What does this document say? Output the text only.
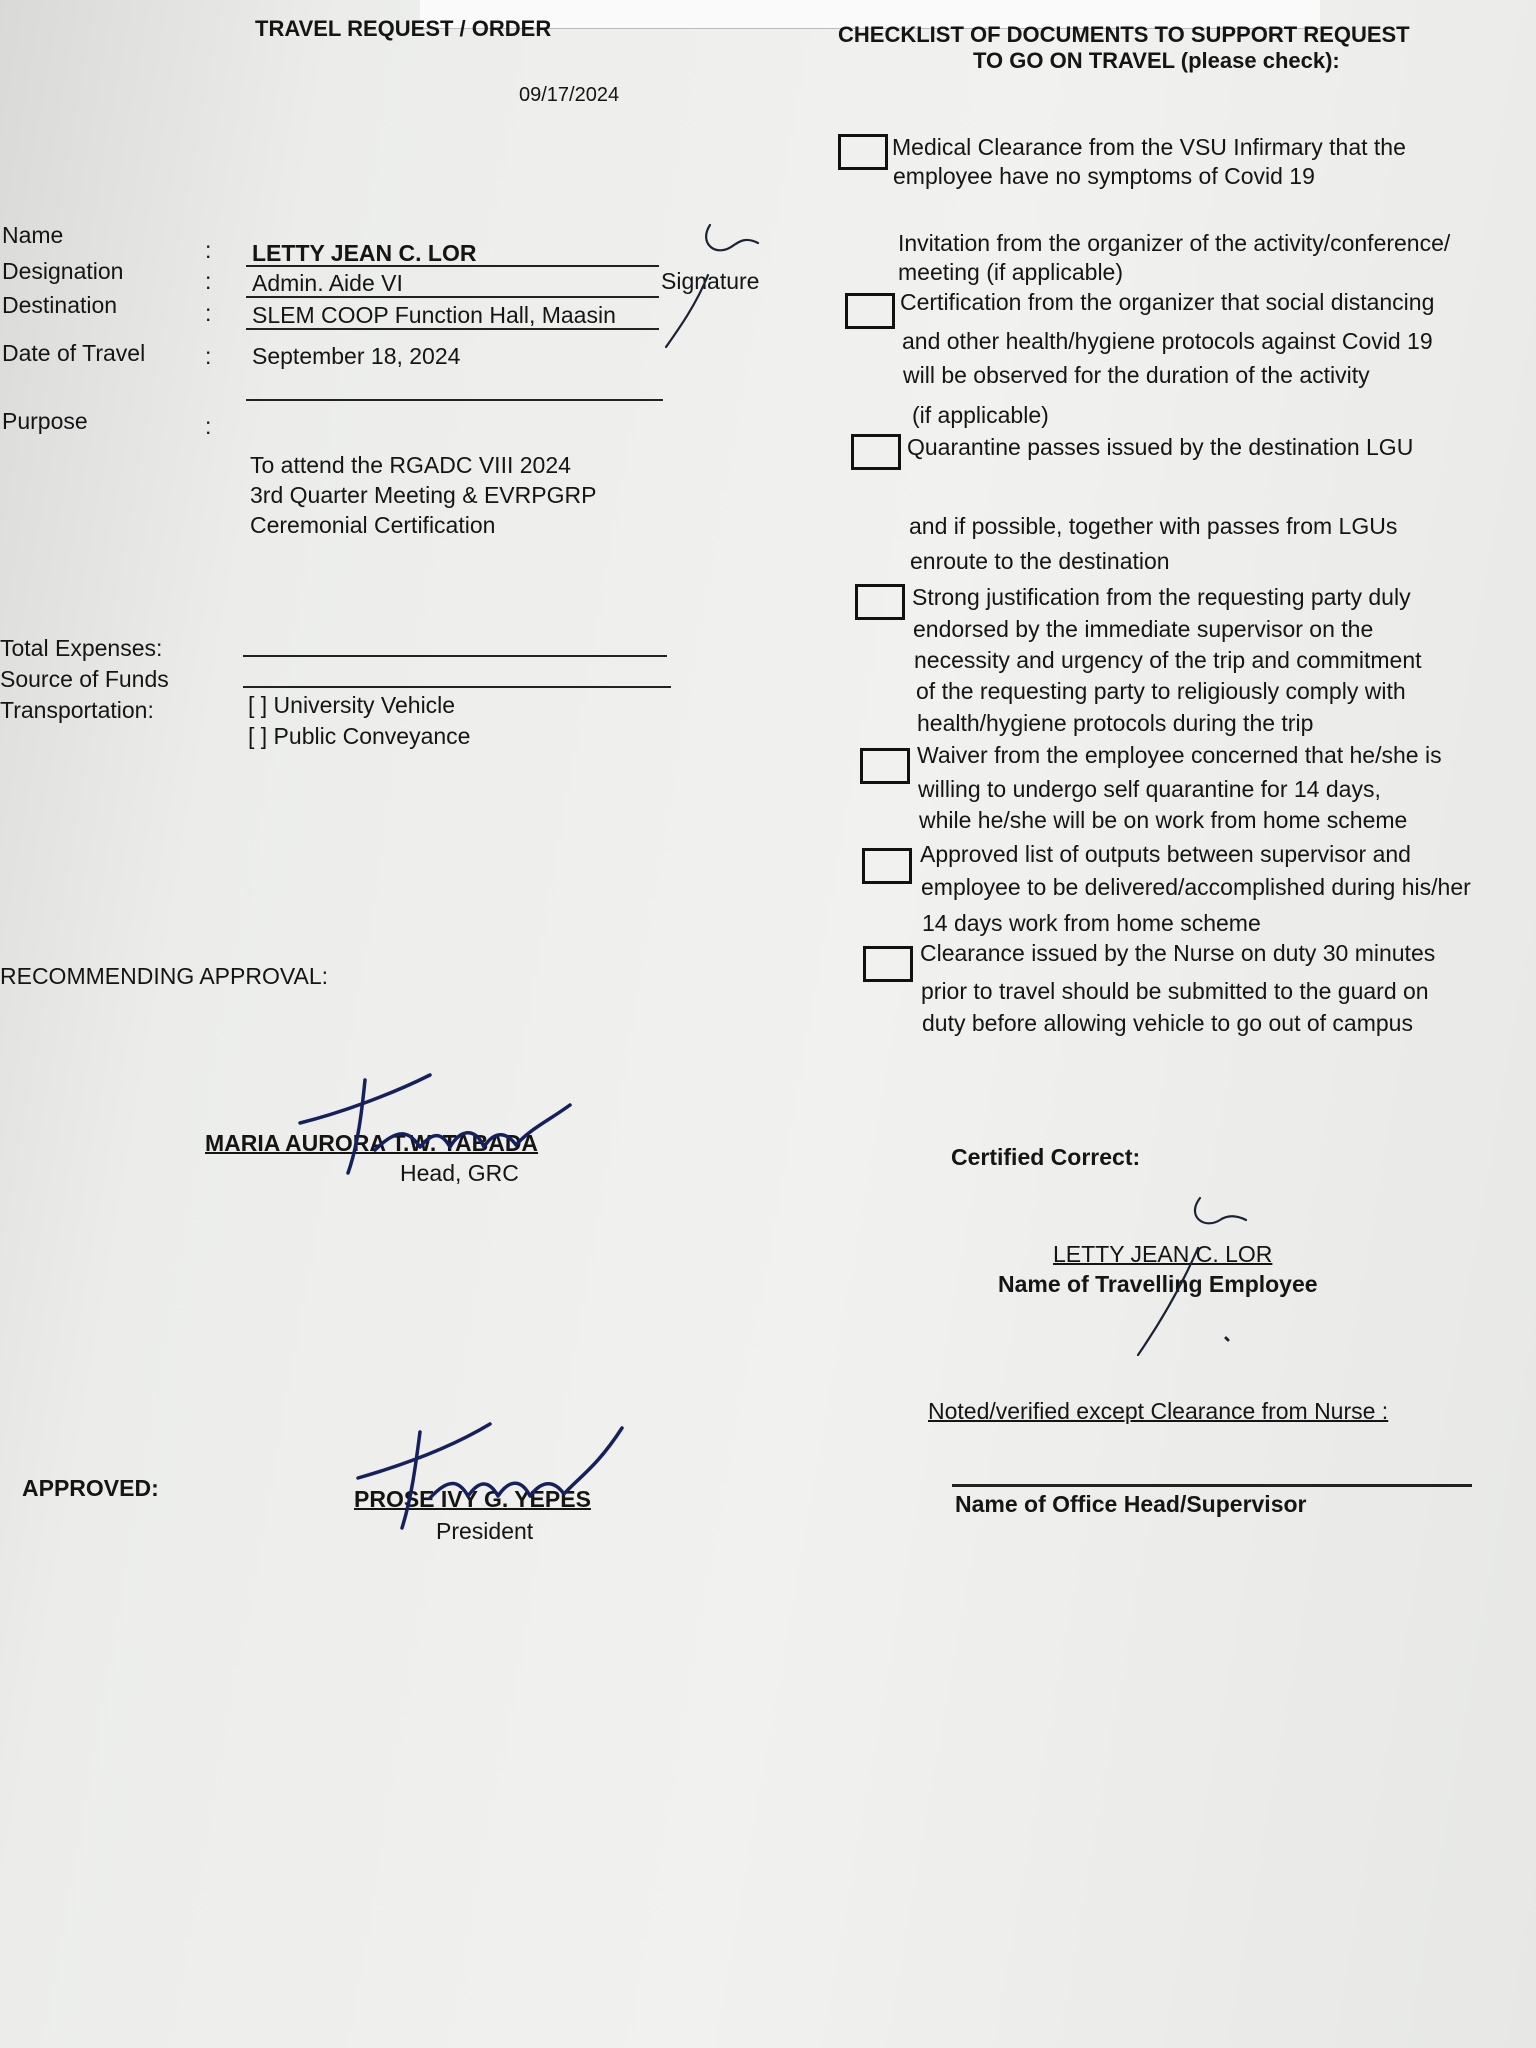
TRAVEL REQUEST / ORDER
09/17/2024
CHECKLIST OF DOCUMENTS TO SUPPORT REQUEST
TO GO ON TRAVEL (please check):
Name
: LETTY JEAN C. LOR
Designation	: Admin. Aide VI
Destination	: SLEM COOP Function Hall, Maasin
Date of Travel	: September 18, 2024
Purpose	:
To attend the RGADC VIII 2024
3rd Quarter Meeting & EVRPGRP
Ceremonial Certification
Signature
Total Expenses:
Source of Funds
Transportation:	[ ] University Vehicle
[ ] Public Conveyance
Medical Clearance from the VSU Infirmary that the
employee have no symptoms of Covid 19
Invitation from the organizer of the activity/conference/
meeting (if applicable)
Certification from the organizer that social distancing
and other health/hygiene protocols against Covid 19
will be observed for the duration of the activity
(if applicable)
Quarantine passes issued by the destination LGU
and if possible, together with passes from LGUs
enroute to the destination
Strong justification from the requesting party duly
endorsed by the immediate supervisor on the
necessity and urgency of the trip and commitment
of the requesting party to religiously comply with
health/hygiene protocols during the trip
Waiver from the employee concerned that he/she is
willing to undergo self quarantine for 14 days,
while he/she will be on work from home scheme
Approved list of outputs between supervisor and
employee to be delivered/accomplished during his/her
14 days work from home scheme
Clearance issued by the Nurse on duty 30 minutes
prior to travel should be submitted to the guard on
duty before allowing vehicle to go out of campus
RECOMMENDING APPROVAL:
MARIA AURORA T.W. TABADA
Head, GRC
APPROVED:	PROSE IVY G. YEPES
President
Certified Correct:
LETTY JEAN C. LOR
Name of Travelling Employee
Noted/verified except Clearance from Nurse :
Name of Office Head/Supervisor
